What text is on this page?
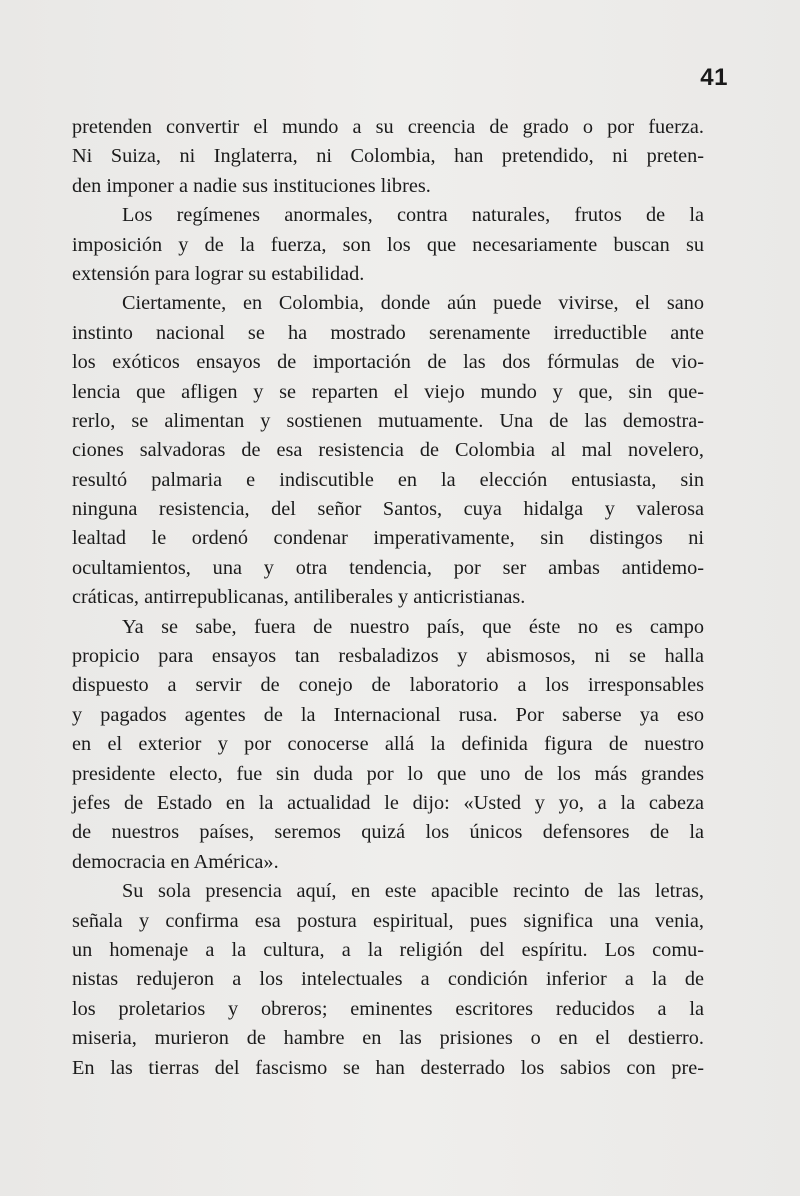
41
pretenden convertir el mundo a su creencia de grado o por fuerza.
Ni Suiza, ni Inglaterra, ni Colombia, han pretendido, ni preten-
den imponer a nadie sus instituciones libres.
Los regímenes anormales, contra naturales, frutos de la
imposición y de la fuerza, son los que necesariamente buscan su
extensión para lograr su estabilidad.
Ciertamente, en Colombia, donde aún puede vivirse, el sano
instinto nacional se ha mostrado serenamente irreductible ante
los exóticos ensayos de importación de las dos fórmulas de vio-
lencia que afligen y se reparten el viejo mundo y que, sin que-
rerlo, se alimentan y sostienen mutuamente. Una de las demostra-
ciones salvadoras de esa resistencia de Colombia al mal novelero,
resultó palmaria e indiscutible en la elección entusiasta, sin
ninguna resistencia, del señor Santos, cuya hidalga y valerosa
lealtad le ordenó condenar imperativamente, sin distingos ni
ocultamientos, una y otra tendencia, por ser ambas antidemo-
cráticas, antirrepublicanas, antiliberales y anticristianas.
Ya se sabe, fuera de nuestro país, que éste no es campo
propicio para ensayos tan resbaladizos y abismosos, ni se halla
dispuesto a servir de conejo de laboratorio a los irresponsables
y pagados agentes de la Internacional rusa. Por saberse ya eso
en el exterior y por conocerse allá la definida figura de nuestro
presidente electo, fue sin duda por lo que uno de los más grandes
jefes de Estado en la actualidad le dijo: «Usted y yo, a la cabeza
de nuestros países, seremos quizá los únicos defensores de la
democracia en América».
Su sola presencia aquí, en este apacible recinto de las letras,
señala y confirma esa postura espiritual, pues significa una venia,
un homenaje a la cultura, a la religión del espíritu. Los comu-
nistas redujeron a los intelectuales a condición inferior a la de
los proletarios y obreros; eminentes escritores reducidos a la
miseria, murieron de hambre en las prisiones o en el destierro.
En las tierras del fascismo se han desterrado los sabios con pre-
